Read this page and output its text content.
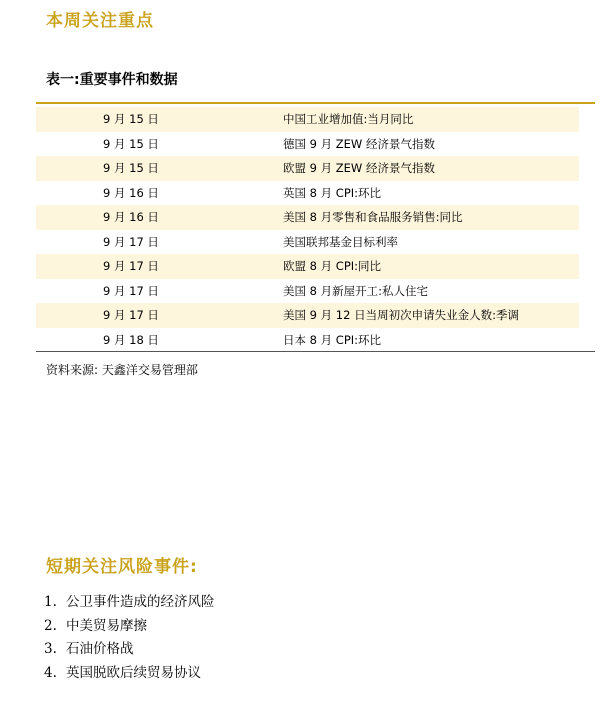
本周关注重点
表一:重要事件和数据
9 月 15 日	中国工业增加值:当月同比
9 月 15 日	德国 9 月 ZEW 经济景气指数
9 月 15 日	欧盟 9 月 ZEW 经济景气指数
9 月 16 日	英国 8 月 CPI:环比
9 月 16 日	美国 8 月零售和食品服务销售:同比
9 月 17 日	美国联邦基金目标利率
9 月 17 日	欧盟 8 月 CPI:同比
9 月 17 日	美国 8 月新屋开工:私人住宅
9 月 17 日	美国 9 月 12 日当周初次申请失业金人数:季调
9 月 18 日	日本 8 月 CPI:环比
资料来源: 天鑫洋交易管理部
短期关注风险事件:
1. 公卫事件造成的经济风险
2. 中美贸易摩擦
3. 石油价格战
4. 英国脱欧后续贸易协议
